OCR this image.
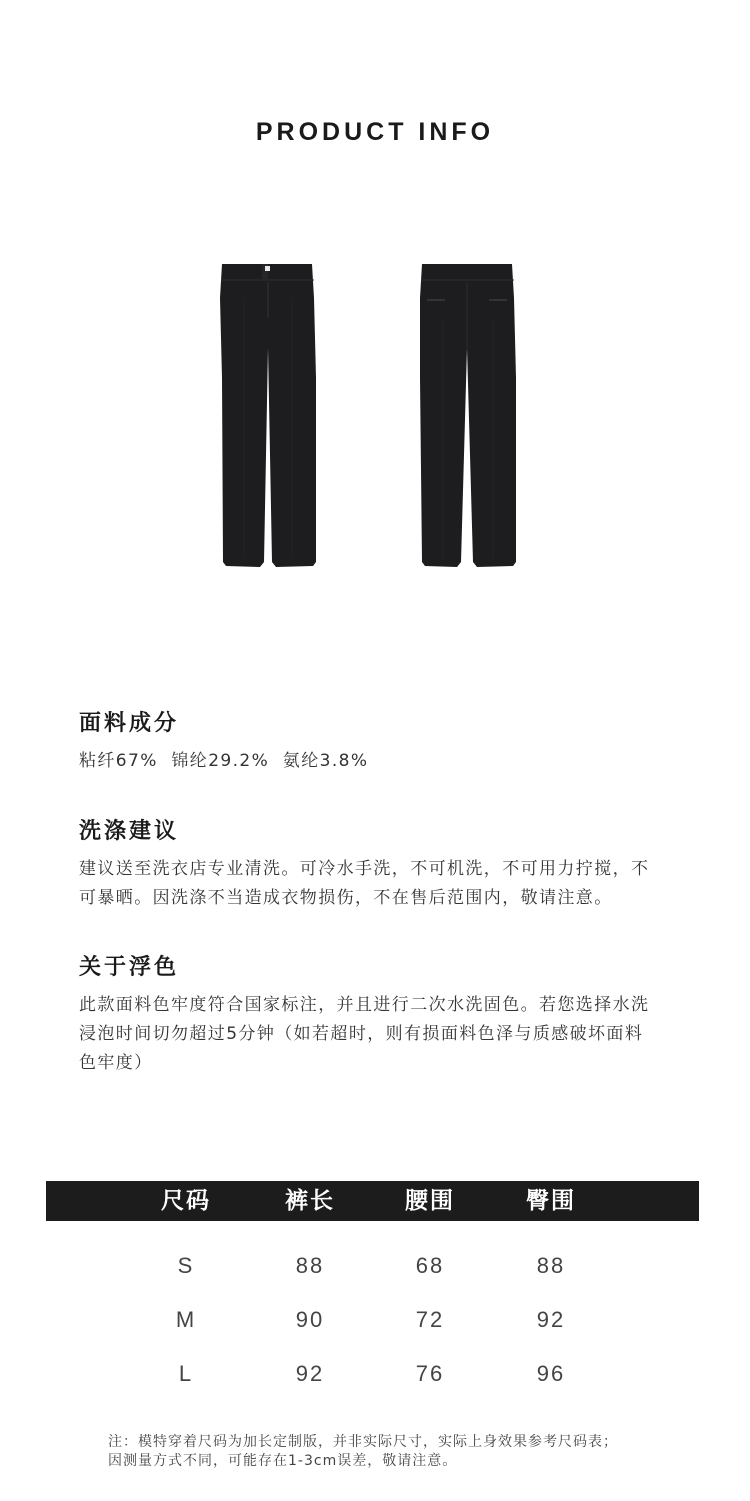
PRODUCT INFO
面料成分
粘纤67%  锦纶29.2%  氨纶3.8%
洗涤建议
建议送至洗衣店专业清洗。可冷水手洗，不可机洗，不可用力拧搅，不
可暴晒。因洗涤不当造成衣物损伤，不在售后范围内，敬请注意。
关于浮色
此款面料色牢度符合国家标注，并且进行二次水洗固色。若您选择水洗
浸泡时间切勿超过5分钟（如若超时，则有损面料色泽与质感破坏面料
色牢度）
尺码	裤长	腰围	臀围
S	88	68	88
M	90	72	92
L	92	76	96
注：模特穿着尺码为加长定制版，并非实际尺寸，实际上身效果参考尺码表；
因测量方式不同，可能存在1-3cm误差，敬请注意。
